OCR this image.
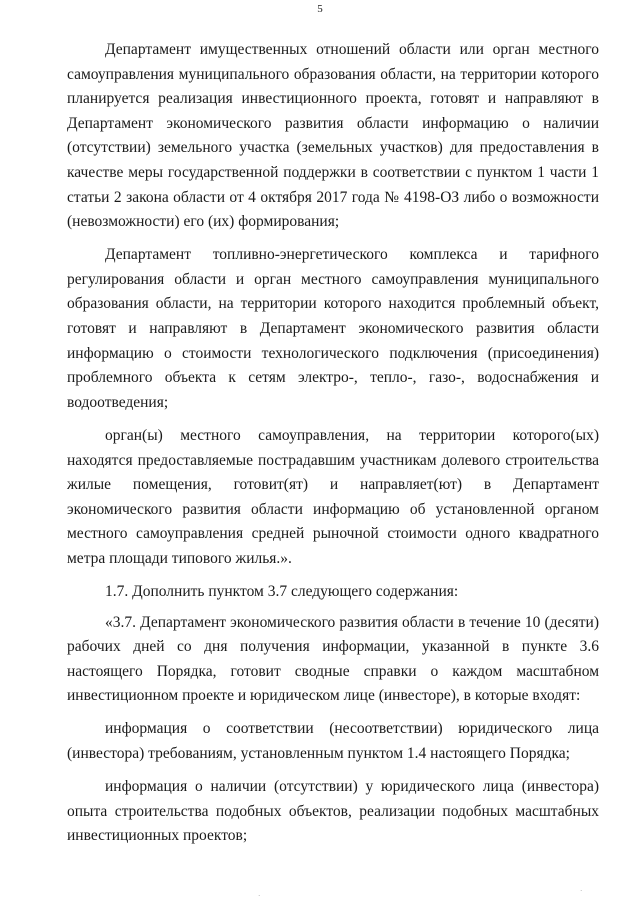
5

Департамент имущественных отношений области или орган местного самоуправления муниципального образования области, на территории которого планируется реализация инвестиционного проекта, готовят и направляют в Департамент экономического развития области информацию о наличии (отсутствии) земельного участка (земельных участков) для предоставления в качестве меры государственной поддержки в соответствии с пунктом 1 части 1 статьи 2 закона области от 4 октября 2017 года № 4198-ОЗ либо о возможности (невозможности) его (их) формирования;

Департамент топливно-энергетического комплекса и тарифного регулирования области и орган местного самоуправления муниципального образования области, на территории которого находится проблемный объект, готовят и направляют в Департамент экономического развития области информацию о стоимости технологического подключения (присоединения) проблемного объекта к сетям электро-, тепло-, газо-, водоснабжения и водоотведения;

орган(ы) местного самоуправления, на территории которого(ых) находятся предоставляемые пострадавшим участникам долевого строительства жилые помещения, готовит(ят) и направляет(ют) в Департамент экономического развития области информацию об установленной органом местного самоуправления средней рыночной стоимости одного квадратного метра площади типового жилья.».

1.7. Дополнить пунктом 3.7 следующего содержания:

«3.7. Департамент экономического развития области в течение 10 (десяти) рабочих дней со дня получения информации, указанной в пункте 3.6 настоящего Порядка, готовит сводные справки о каждом масштабном инвестиционном проекте и юридическом лице (инвесторе), в которые входят:

информация о соответствии (несоответствии) юридического лица (инвестора) требованиям, установленным пунктом 1.4 настоящего Порядка;

информация о наличии (отсутствии) у юридического лица (инвестора) опыта строительства подобных объектов, реализации подобных масштабных инвестиционных проектов;

·
·
